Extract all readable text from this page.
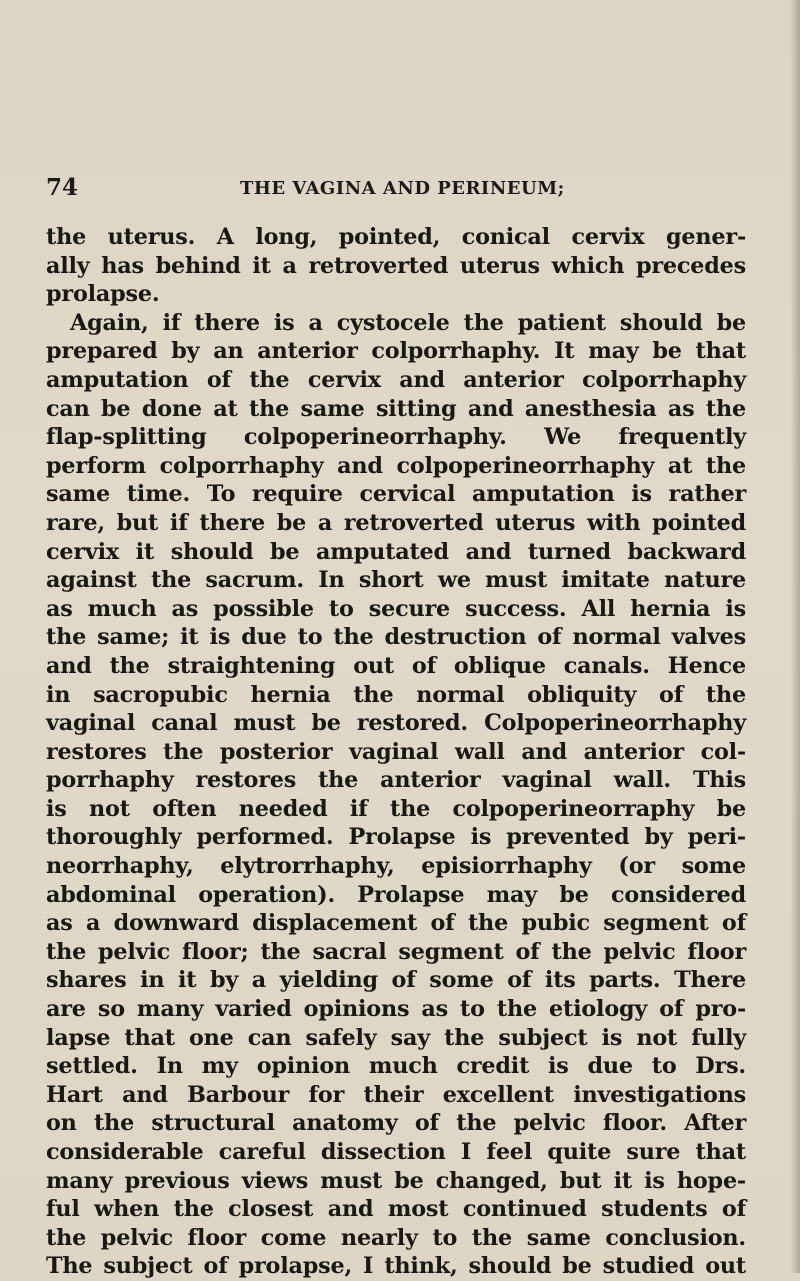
74	THE VAGINA AND PERINEUM;
the uterus. A long, pointed, conical cervix gener-
ally has behind it a retroverted uterus which precedes
prolapse.
Again, if there is a cystocele the patient should be
prepared by an anterior colporrhaphy. It may be that
amputation of the cervix and anterior colporrhaphy
can be done at the same sitting and anesthesia as the
flap-splitting colpoperineorrhaphy. We frequently
perform colporrhaphy and colpoperineorrhaphy at the
same time. To require cervical amputation is rather
rare, but if there be a retroverted uterus with pointed
cervix it should be amputated and turned backward
against the sacrum. In short we must imitate nature
as much as possible to secure success. All hernia is
the same; it is due to the destruction of normal valves
and the straightening out of oblique canals. Hence
in sacropubic hernia the normal obliquity of the
vaginal canal must be restored. Colpoperineorrhaphy
restores the posterior vaginal wall and anterior col-
porrhaphy restores the anterior vaginal wall. This
is not often needed if the colpoperineorraphy be
thoroughly performed. Prolapse is prevented by peri-
neorrhaphy, elytrorrhaphy, episiorrhaphy (or some
abdominal operation). Prolapse may be considered
as a downward displacement of the pubic segment of
the pelvic floor; the sacral segment of the pelvic floor
shares in it by a yielding of some of its parts. There
are so many varied opinions as to the etiology of pro-
lapse that one can safely say the subject is not fully
settled. In my opinion much credit is due to Drs.
Hart and Barbour for their excellent investigations
on the structural anatomy of the pelvic floor. After
considerable careful dissection I feel quite sure that
many previous views must be changed, but it is hope-
ful when the closest and most continued students of
the pelvic floor come nearly to the same conclusion.
The subject of prolapse, I think, should be studied out
